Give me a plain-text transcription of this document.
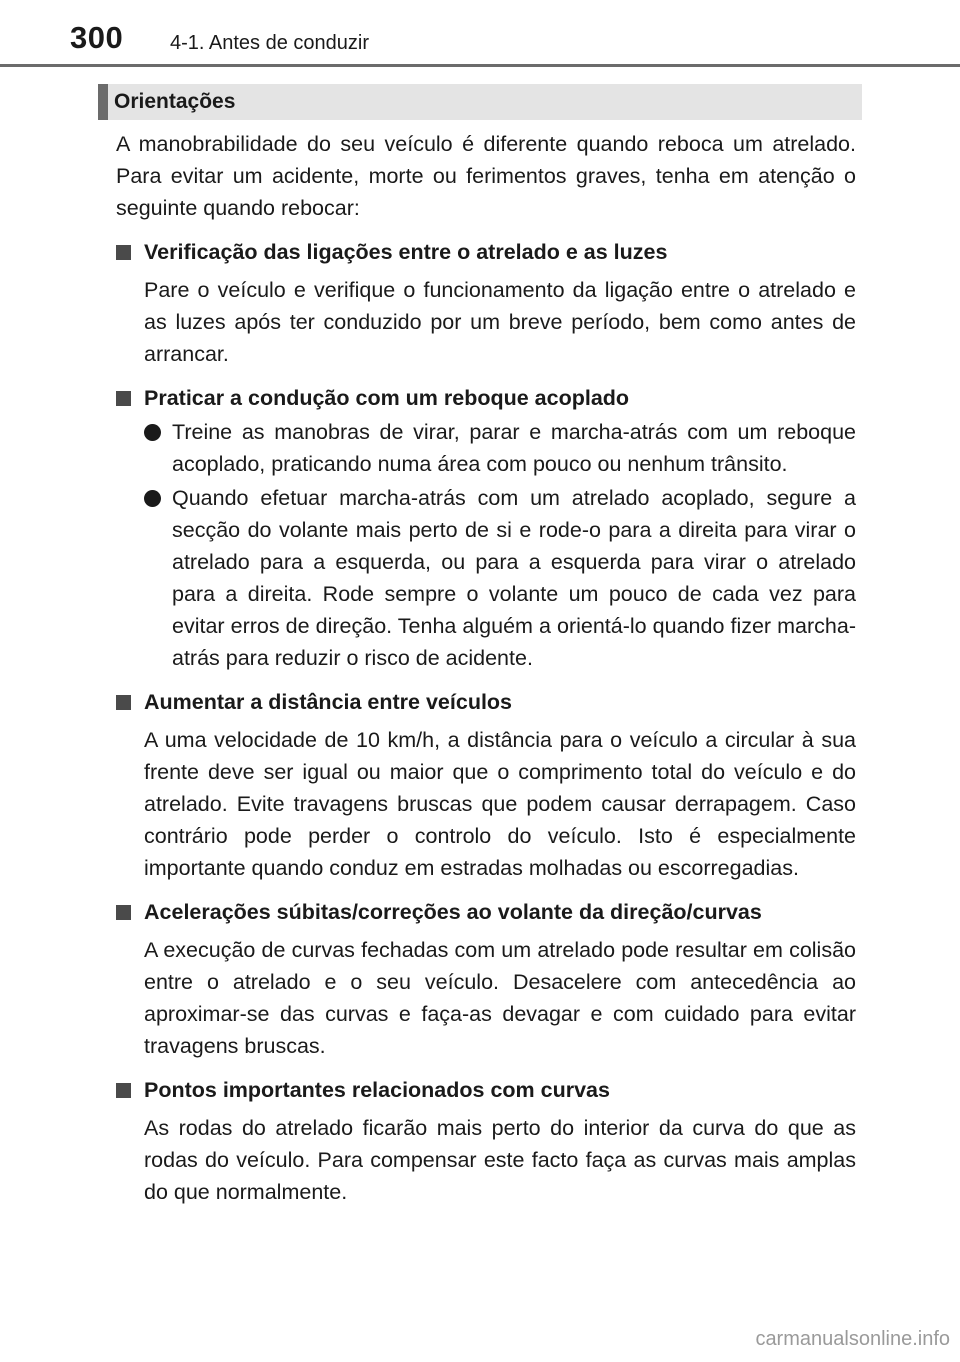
300 4-1. Antes de conduzir
Orientações

A manobrabilidade do seu veículo é diferente quando reboca um atrelado. Para evitar um acidente, morte ou ferimentos graves, tenha em atenção o seguinte quando rebocar:

Verificação das ligações entre o atrelado e as luzes

Pare o veículo e verifique o funcionamento da ligação entre o atrelado e as luzes após ter conduzido por um breve período, bem como antes de arrancar.

Praticar a condução com um reboque acoplado

Treine as manobras de virar, parar e marcha-atrás com um reboque acoplado, praticando numa área com pouco ou nenhum trânsito.

Quando efetuar marcha-atrás com um atrelado acoplado, segure a secção do volante mais perto de si e rode-o para a direita para virar o atrelado para a esquerda, ou para a esquerda para virar o atrelado para a direita. Rode sempre o volante um pouco de cada vez para evitar erros de direção. Tenha alguém a orientá-lo quando fizer marcha-atrás para reduzir o risco de acidente.

Aumentar a distância entre veículos

A uma velocidade de 10 km/h, a distância para o veículo a circular à sua frente deve ser igual ou maior que o comprimento total do veículo e do atrelado. Evite travagens bruscas que podem causar derrapagem. Caso contrário pode perder o controlo do veículo. Isto é especialmente importante quando conduz em estradas molhadas ou escorregadias.

Acelerações súbitas/correções ao volante da direção/curvas

A execução de curvas fechadas com um atrelado pode resultar em colisão entre o atrelado e o seu veículo. Desacelere com antecedência ao aproximar-se das curvas e faça-as devagar e com cuidado para evitar travagens bruscas.

Pontos importantes relacionados com curvas

As rodas do atrelado ficarão mais perto do interior da curva do que as rodas do veículo. Para compensar este facto faça as curvas mais amplas do que normalmente.

carmanualsonline.info
